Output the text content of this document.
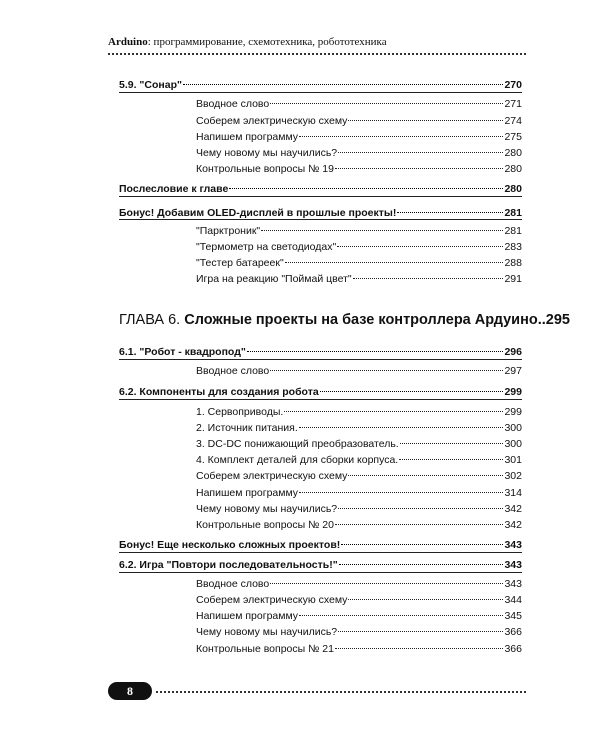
Arduino: программирование, схемотехника, робототехника
5.9. "Сонар"	270
Вводное слово	271
Соберем электрическую схему	274
Напишем программу	275
Чему новому мы научились?	280
Контрольные вопросы № 19	280
Послесловие к главе	280
Бонус! Добавим OLED-дисплей в прошлые проекты!	281
"Парктроник"	281
"Термометр на светодиодах"	283
"Тестер батареек"	288
Игра на реакцию "Поймай цвет"	291
ГЛАВА 6. Сложные проекты на базе контроллера Ардуино..295
6.1. "Робот - квадропод"	296
Вводное слово	297
6.2. Компоненты для создания робота	299
1. Сервоприводы.	299
2. Источник питания.	300
3. DC-DC понижающий преобразователь.	300
4. Комплект деталей для сборки корпуса.	301
Соберем электрическую схему	302
Напишем программу	314
Чему новому мы научились?	342
Контрольные вопросы № 20	342
Бонус! Еще несколько сложных проектов!	343
6.2. Игра "Повтори последовательность!"	343
Вводное слово	343
Соберем электрическую схему	344
Напишем программу	345
Чему новому мы научились?	366
Контрольные вопросы № 21	366
8
